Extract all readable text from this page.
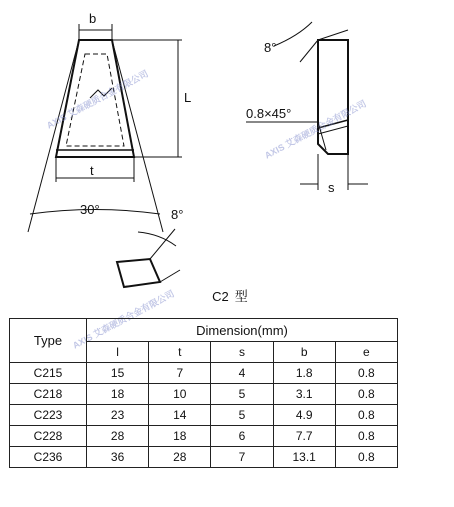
b
L
t
30°	8°
8°
0.8×45°
s
AXIS 艾森硬质合金有限公司
AXIS 艾森硬质合金有限公司
AXIS 艾森硬质合金有限公司	C2 型
Type	Dimension(mm)				
	l	t	s	b	e
C215	15	7	4	1.8	0.8
C218	18	10	5	3.1	0.8
C223	23	14	5	4.9	0.8
C228	28	18	6	7.7	0.8
C236	36	28	7	13.1	0.8
